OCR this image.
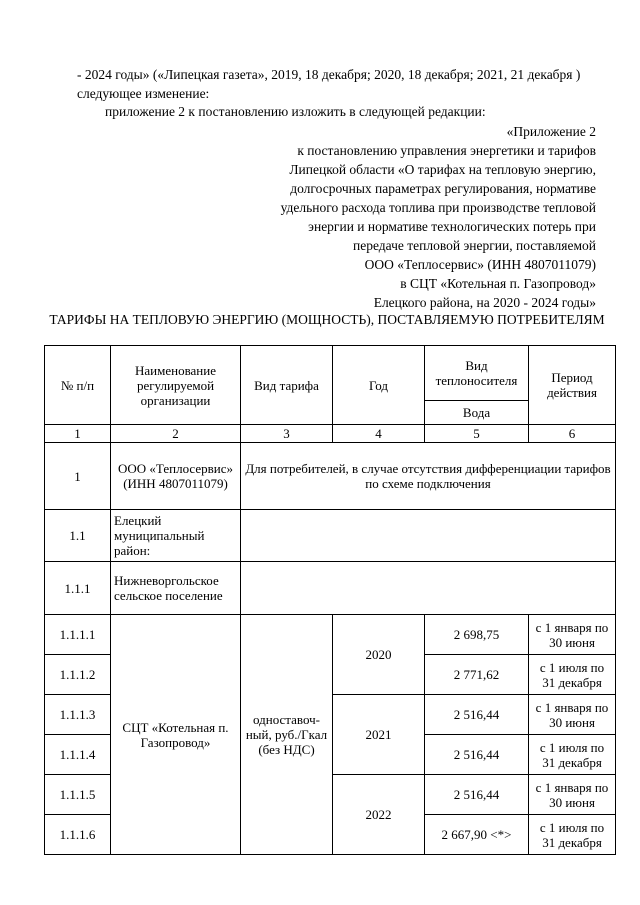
- 2024 годы» («Липецкая газета», 2019, 18 декабря; 2020, 18 декабря; 2021, 21 декабря ) следующее изменение:

приложение 2 к постановлению изложить в следующей редакции:

«Приложение 2
к постановлению управления энергетики и тарифов
Липецкой области «О тарифах на тепловую энергию,
долгосрочных параметрах регулирования, нормативе
удельного расхода топлива при производстве тепловой
энергии и нормативе технологических потерь при
передаче тепловой энергии, поставляемой
ООО «Теплосервис» (ИНН 4807011079)
в СЦТ «Котельная п. Газопровод»
Елецкого района, на 2020 - 2024 годы»
ТАРИФЫ НА ТЕПЛОВУЮ ЭНЕРГИЮ (МОЩНОСТЬ), ПОСТАВЛЯЕМУЮ ПОТРЕБИТЕЛЯМ
№ п/п	Наименование регулируемой организации	Вид тарифа	Год	Вид теплоносителя	Период действия
				Вода	
1	2	3	4	5	6
1	ООО «Теплосервис» (ИНН 4807011079)	Для потребителей, в случае отсутствия дифференциации тарифов по схеме подключения			
1.1	Елецкий муниципальный район:				
1.1.1	Нижневоргольское сельское поселение				
1.1.1.1	СЦТ «Котельная п. Газопровод»	одноставоч-ный, руб./Гкал (без НДС)	2020	2 698,75	с 1 января по 30 июня
1.1.1.2				2 771,62	с 1 июля по 31 декабря
1.1.1.3			2021	2 516,44	с 1 января по 30 июня
1.1.1.4				2 516,44	с 1 июля по 31 декабря
1.1.1.5			2022	2 516,44	с 1 января по 30 июня
1.1.1.6				2 667,90 <*>	с 1 июля по 31 декабря
